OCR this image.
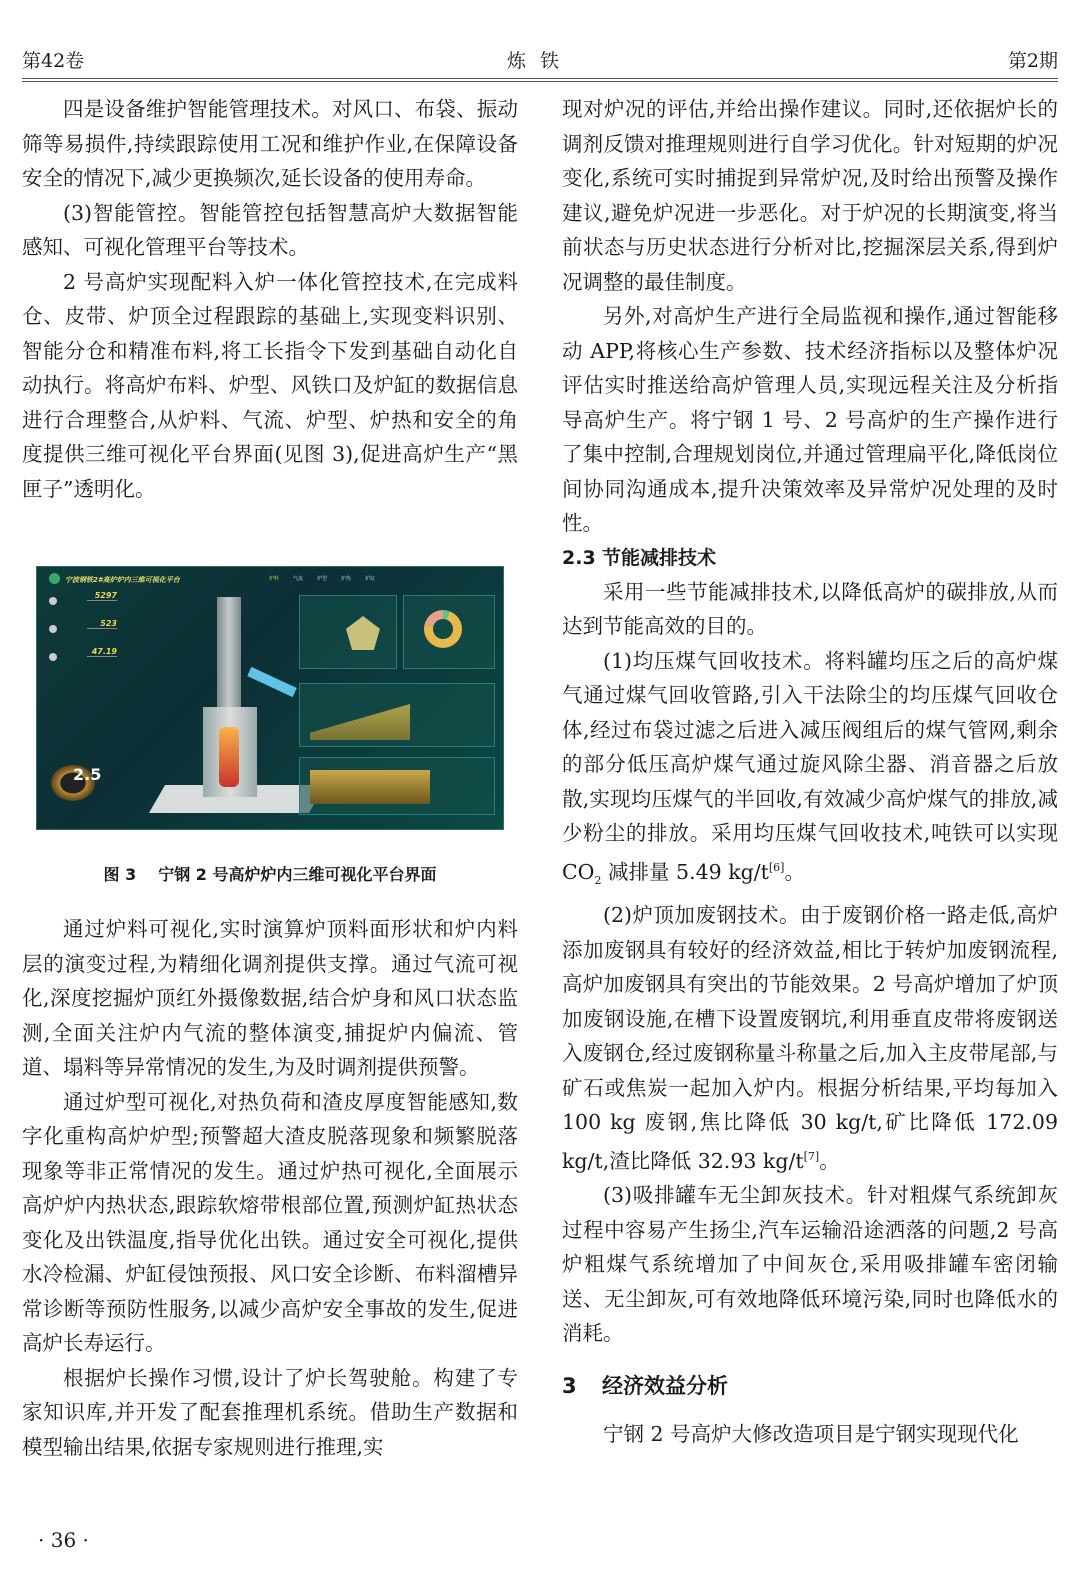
第42卷	炼铁	第2期

四是设备维护智能管理技术。对风口、布袋、振动筛等易损件,持续跟踪使用工况和维护作业,在保障设备安全的情况下,减少更换频次,延长设备的使用寿命。

(3)智能管控。智能管控包括智慧高炉大数据智能感知、可视化管理平台等技术。

2 号高炉实现配料入炉一体化管控技术,在完成料仓、皮带、炉顶全过程跟踪的基础上,实现变料识别、智能分仓和精准布料,将工长指令下发到基础自动化自动执行。将高炉布料、炉型、风铁口及炉缸的数据信息进行合理整合,从炉料、气流、炉型、炉热和安全的角度提供三维可视化平台界面(见图 3),促进高炉生产“黑匣子”透明化。

宁波钢铁2#高炉炉内三维可视化平台
5297
523
47.19
2.5
炉料	气流	炉型	炉热	炉缸
图 3 宁钢 2 号高炉炉内三维可视化平台界面

通过炉料可视化,实时演算炉顶料面形状和炉内料层的演变过程,为精细化调剂提供支撑。通过气流可视化,深度挖掘炉顶红外摄像数据,结合炉身和风口状态监测,全面关注炉内气流的整体演变,捕捉炉内偏流、管道、塌料等异常情况的发生,为及时调剂提供预警。

通过炉型可视化,对热负荷和渣皮厚度智能感知,数字化重构高炉炉型;预警超大渣皮脱落现象和频繁脱落现象等非正常情况的发生。通过炉热可视化,全面展示高炉炉内热状态,跟踪软熔带根部位置,预测炉缸热状态变化及出铁温度,指导优化出铁。通过安全可视化,提供水冷检漏、炉缸侵蚀预报、风口安全诊断、布料溜槽异常诊断等预防性服务,以减少高炉安全事故的发生,促进高炉长寿运行。

根据炉长操作习惯,设计了炉长驾驶舱。构建了专家知识库,并开发了配套推理机系统。借助生产数据和模型输出结果,依据专家规则进行推理,实

现对炉况的评估,并给出操作建议。同时,还依据炉长的调剂反馈对推理规则进行自学习优化。针对短期的炉况变化,系统可实时捕捉到异常炉况,及时给出预警及操作建议,避免炉况进一步恶化。对于炉况的长期演变,将当前状态与历史状态进行分析对比,挖掘深层关系,得到炉况调整的最佳制度。

另外,对高炉生产进行全局监视和操作,通过智能移动 APP,将核心生产参数、技术经济指标以及整体炉况评估实时推送给高炉管理人员,实现远程关注及分析指导高炉生产。将宁钢 1 号、2 号高炉的生产操作进行了集中控制,合理规划岗位,并通过管理扁平化,降低岗位间协同沟通成本,提升决策效率及异常炉况处理的及时性。

2.3 节能减排技术

采用一些节能减排技术,以降低高炉的碳排放,从而达到节能高效的目的。

(1)均压煤气回收技术。将料罐均压之后的高炉煤气通过煤气回收管路,引入干法除尘的均压煤气回收仓体,经过布袋过滤之后进入减压阀组后的煤气管网,剩余的部分低压高炉煤气通过旋风除尘器、消音器之后放散,实现均压煤气的半回收,有效减少高炉煤气的排放,减少粉尘的排放。采用均压煤气回收技术,吨铁可以实现 $CO_2$ 减排量 5.49 kg/t[6]。

(2)炉顶加废钢技术。由于废钢价格一路走低,高炉添加废钢具有较好的经济效益,相比于转炉加废钢流程,高炉加废钢具有突出的节能效果。2 号高炉增加了炉顶加废钢设施,在槽下设置废钢坑,利用垂直皮带将废钢送入废钢仓,经过废钢称量斗称量之后,加入主皮带尾部,与矿石或焦炭一起加入炉内。根据分析结果,平均每加入 100 kg 废钢,焦比降低 30 kg/t,矿比降低 172.09 kg/t,渣比降低 32.93 kg/t[7]。

(3)吸排罐车无尘卸灰技术。针对粗煤气系统卸灰过程中容易产生扬尘,汽车运输沿途洒落的问题,2 号高炉粗煤气系统增加了中间灰仓,采用吸排罐车密闭输送、无尘卸灰,可有效地降低环境污染,同时也降低水的消耗。

3 经济效益分析

宁钢 2 号高炉大修改造项目是宁钢实现现代化

· 36 ·
